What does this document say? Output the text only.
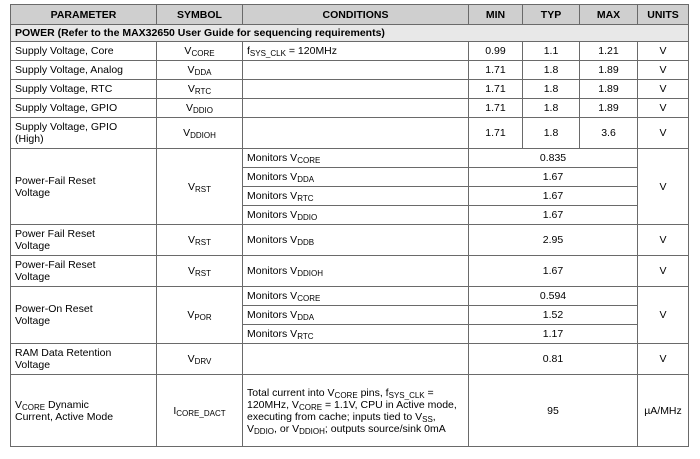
PARAMETER	SYMBOL	CONDITIONS	MIN	TYP	MAX	UNITS
POWER (Refer to the MAX32650 User Guide for sequencing requirements)						
Supply Voltage, Core	$V_{CORE}$	$f_{SYS\_CLK} = 120MHz$	0.99	1.1	1.21	V
Supply Voltage, Analog	$V_{DDA}$		1.71	1.8	1.89	V
Supply Voltage, RTC	$V_{RTC}$		1.71	1.8	1.89	V
Supply Voltage, GPIO	$V_{DDIO}$		1.71	1.8	1.89	V
Supply Voltage, GPIO
(High)	$V_{DDIOH}$		1.71	1.8	3.6	V
Power-Fail Reset
Voltage	$V_{RST}$	Monitors $V_{CORE}$	0.835			V
		Monitors $V_{DDA}$	1.67			
		Monitors $V_{RTC}$	1.67			
		Monitors $V_{DDIO}$	1.67			
Power Fail Reset
Voltage	$V_{RST}$	Monitors $V_{DDB}$	2.95			V
Power-Fail Reset
Voltage	$V_{RST}$	Monitors $V_{DDIOH}$	1.67			V
Power-On Reset
Voltage	$V_{POR}$	Monitors $V_{CORE}$	0.594			V
		Monitors $V_{DDA}$	1.52			
		Monitors $V_{RTC}$	1.17			
RAM Data Retention
Voltage	$V_{DRV}$		0.81			V
$V_{CORE}$ Dynamic
Current, Active Mode	$I_{CORE\_DACT}$	Total current into $V_{CORE}$ pins, $f_{SYS\_CLK} = 120MHz$, $V_{CORE} = 1.1V$, CPU in Active mode, executing from cache; inputs tied to $V_{SS}$, $V_{DDIO}$, or $V_{DDIOH}$; outputs source/sink 0mA	95			µA/MHz
